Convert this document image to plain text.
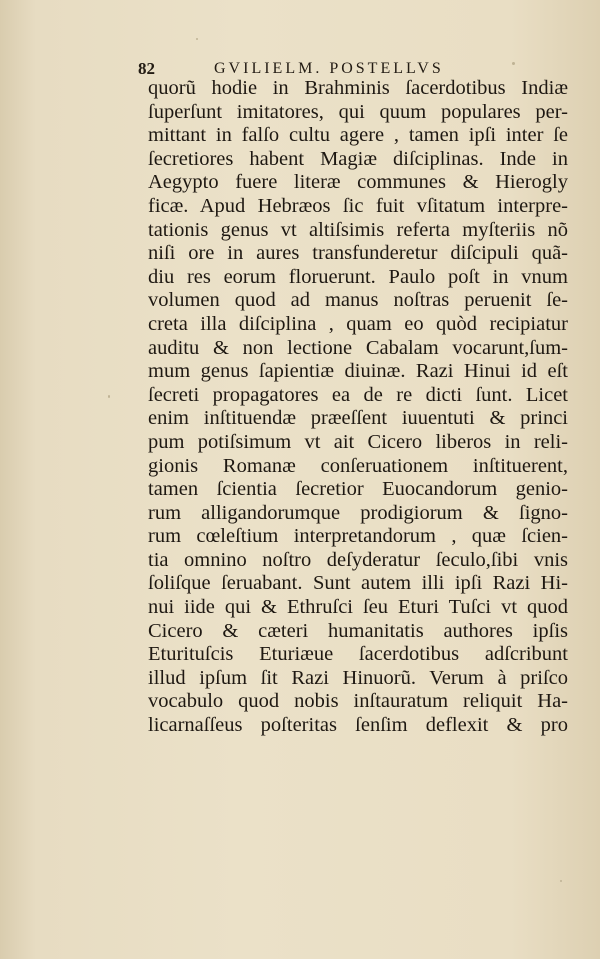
82	GVILIELM. POSTELLVS
quorũ hodie in Brahminis ſacerdotibus Indiæ
ſuperſunt imitatores, qui quum populares per-
mittant in falſo cultu agere , tamen ipſi inter ſe
ſecretiores habent Magiæ diſciplinas. Inde in
Aegypto fuere literæ communes & Hierogly
ficæ. Apud Hebræos ſic fuit vſitatum interpre-
tationis genus vt altiſsimis referta myſteriis nõ
niſi ore in aures transfunderetur diſcipuli quã-
diu res eorum floruerunt. Paulo poſt in vnum
volumen quod ad manus noſtras peruenit ſe-
creta illa diſciplina , quam eo quòd recipiatur
auditu & non lectione Cabalam vocarunt,ſum-
mum genus ſapientiæ diuinæ. Razi Hinui id eſt
ſecreti propagatores ea de re dicti ſunt. Licet
enim inſtituendæ præeſſent iuuentuti & princi
pum potiſsimum vt ait Cicero liberos in reli-
gionis Romanæ conſeruationem inſtituerent,
tamen ſcientia ſecretior Euocandorum genio-
rum alligandorumque prodigiorum & ſigno-
rum cœleſtium interpretandorum , quæ ſcien-
tia omnino noſtro deſyderatur ſeculo,ſibi vnis
ſoliſque ſeruabant. Sunt autem illi ipſi Razi Hi-
nui iide qui & Ethruſci ſeu Eturi Tuſci vt quod
Cicero & cæteri humanitatis authores ipſis
Eturituſcis Eturiæue ſacerdotibus adſcribunt
illud ipſum ſit Razi Hinuorũ. Verum à priſco
vocabulo quod nobis inſtauratum reliquit Ha-
licarnaſſeus poſteritas ſenſim deflexit & pro
